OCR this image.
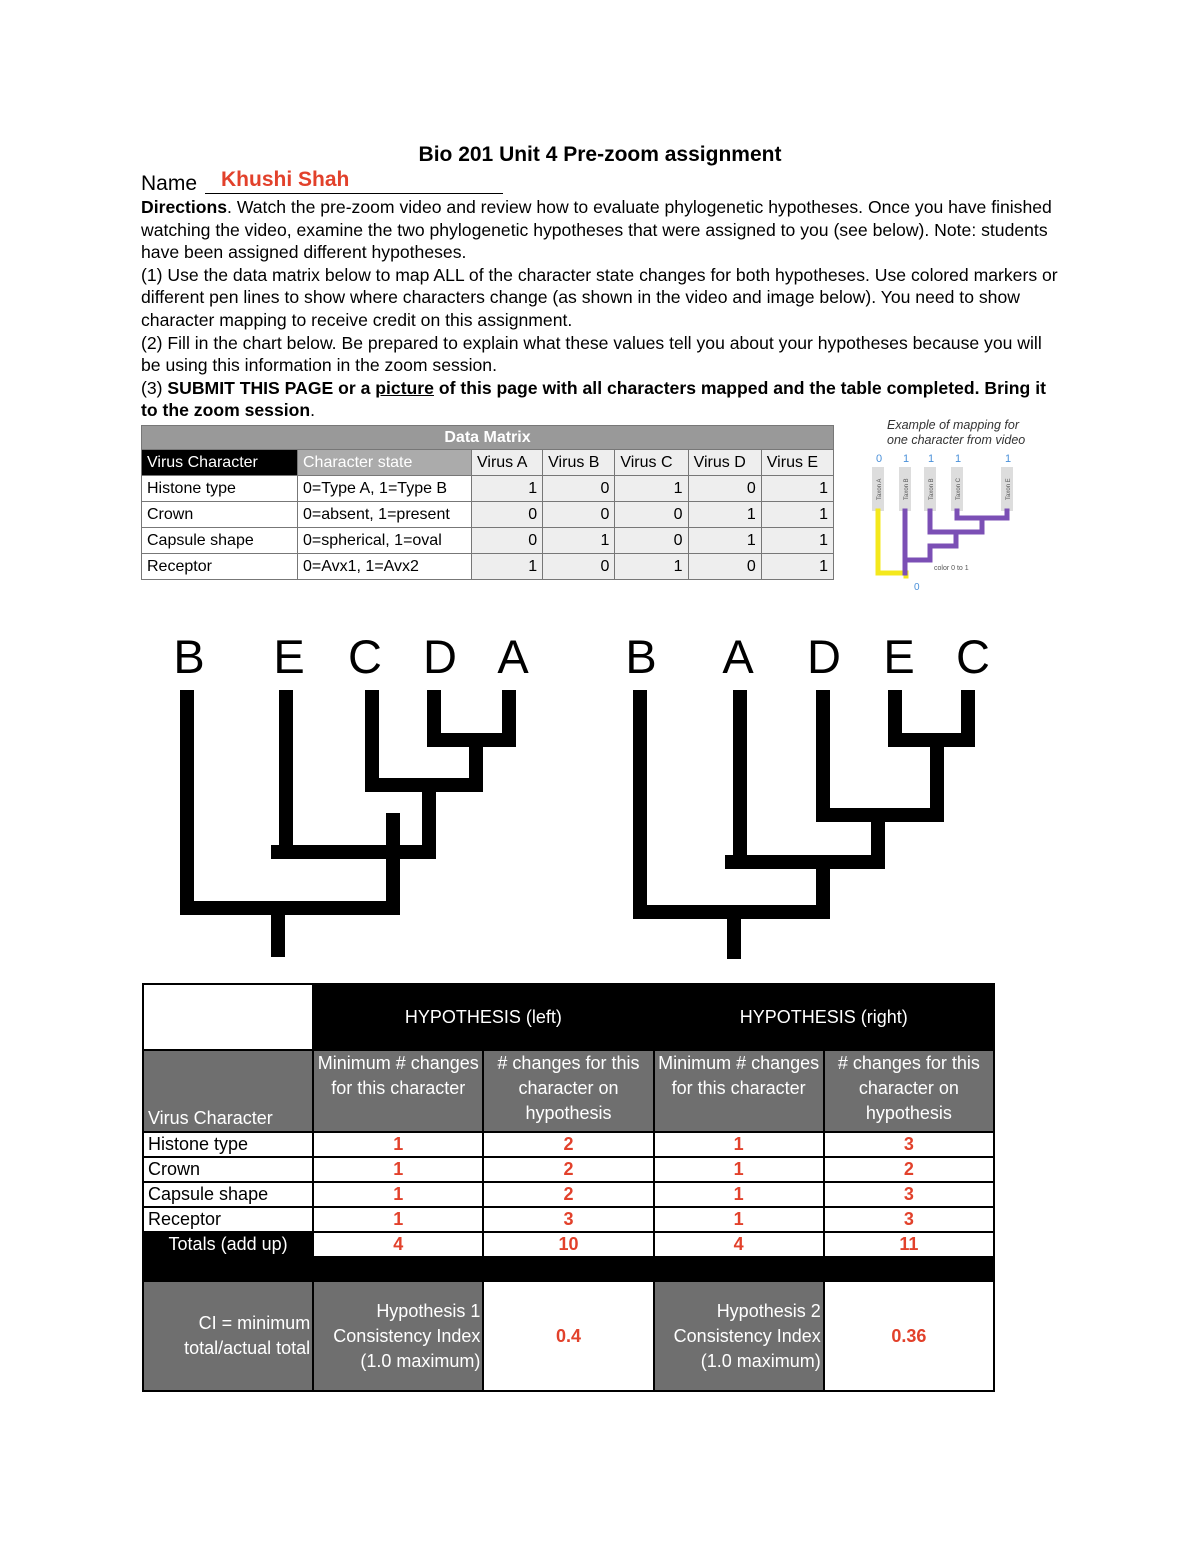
Bio 201 Unit 4 Pre-zoom assignment
Name Khushi Shah

Directions. Watch the pre-zoom video and review how to evaluate phylogenetic hypotheses. Once you have finished watching the video, examine the two phylogenetic hypotheses that were assigned to you (see below). Note: students have been assigned different hypotheses.

(1) Use the data matrix below to map ALL of the character state changes for both hypotheses. Use colored markers or different pen lines to show where characters change (as shown in the video and image below). You need to show character mapping to receive credit on this assignment.

(2) Fill in the chart below. Be prepared to explain what these values tell you about your hypotheses because you will be using this information in the zoom session.

(3) SUBMIT THIS PAGE or a picture of this page with all characters mapped and the table completed. Bring it to the zoom session.

Data Matrix						
Virus Character	Character state	Virus A	Virus B	Virus C	Virus D	Virus E
Histone type	0=Type A, 1=Type B	1	0	1	0	1
Crown	0=absent, 1=present	0	0	0	1	1
Capsule shape	0=spherical, 1=oval	0	1	0	1	1
Receptor	0=Avx1, 1=Avx2	1	0	1	0	1
Example of mapping for
one character from video
0 1 1 1	1
Taxon A	Taxon B	Taxon B	Taxon C	Taxon E
color 0 to 1
0
B	E C D A	B	A	D E C
	HYPOTHESIS (left)		HYPOTHESIS (right)	
Virus Character	Minimum # changes for this character	# changes for this character on hypothesis	Minimum # changes for this character	# changes for this character on hypothesis
Histone type	1	2	1	3
Crown	1	2	1	2
Capsule shape	1	2	1	3
Receptor	1	3	1	3
Totals (add up)	4	10	4	11

CI = minimum total/actual total	Hypothesis 1 Consistency Index (1.0 maximum)	0.4	Hypothesis 2 Consistency Index (1.0 maximum)	0.36
